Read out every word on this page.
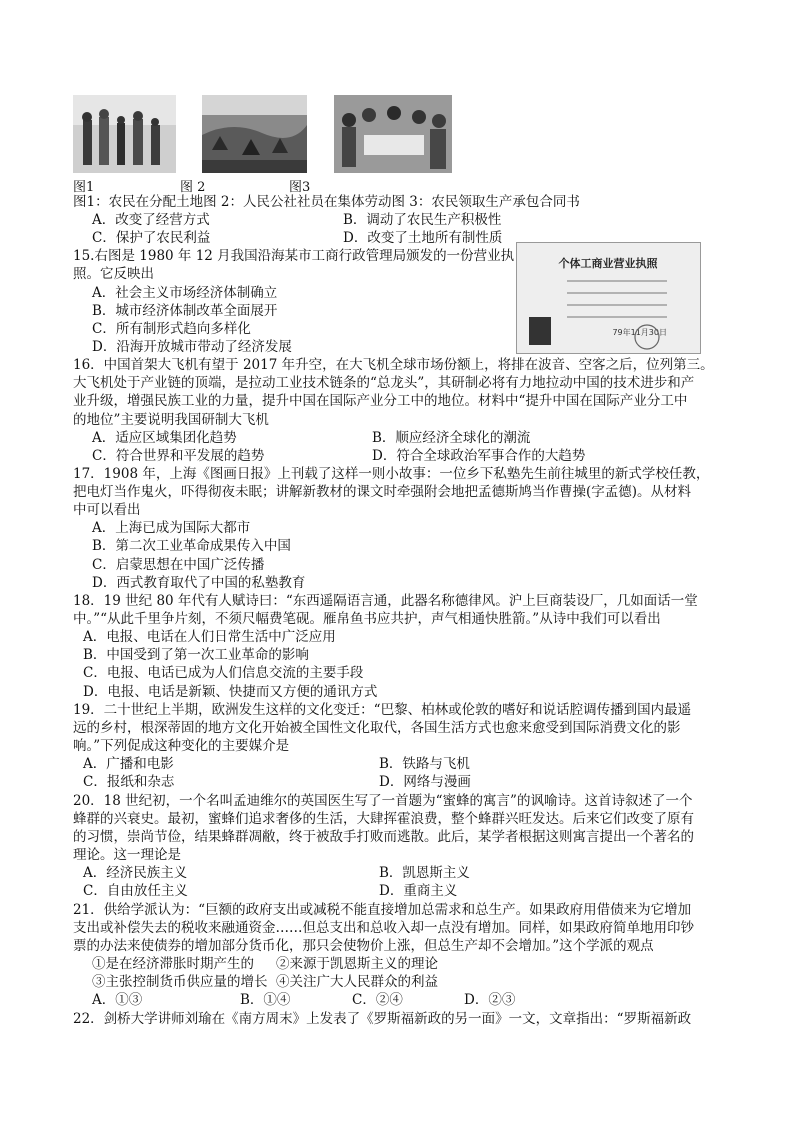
图1	图 2	图3
图1：农民在分配土地图 2：人民公社社员在集体劳动图 3：农民领取生产承包合同书
A．改变了经营方式	B．调动了农民生产积极性
C．保护了农民利益	D．改变了土地所有制性质
15.右图是 1980 年 12 月我国沿海某市工商行政管理局颁发的一份营业执
照。它反映出
A．社会主义市场经济体制确立
B．城市经济体制改革全面展开
C．所有制形式趋向多样化
D．沿海开放城市带动了经济发展
个体工商业营业执照
79年11月30日
16．中国首架大飞机有望于 2017 年升空，在大飞机全球市场份额上，将排在波音、空客之后，位列第三。
大飞机处于产业链的顶端，是拉动工业技术链条的“总龙头”，其研制必将有力地拉动中国的技术进步和产
业升级，增强民族工业的力量，提升中国在国际产业分工中的地位。材料中“提升中国在国际产业分工中
的地位”主要说明我国研制大飞机
A．适应区域集团化趋势	B．顺应经济全球化的潮流
C．符合世界和平发展的趋势	D．符合全球政治军事合作的大趋势
17．1908 年，上海《图画日报》上刊载了这样一则小故事：一位乡下私塾先生前往城里的新式学校任教，
把电灯当作鬼火，吓得彻夜未眠；讲解新教材的课文时牵强附会地把孟德斯鸠当作曹操(字孟德)。从材料
中可以看出
A．上海已成为国际大都市
B．第二次工业革命成果传入中国
C．启蒙思想在中国广泛传播
D．西式教育取代了中国的私塾教育
18．19 世纪 80 年代有人赋诗曰：“东西遥隔语言通，此器名称德律风。沪上巨商装设厂，几如面话一堂
中。”“从此千里争片刻，不须尺幅费笔砚。雁帛鱼书应共护，声气相通快胜箭。”从诗中我们可以看出
A．电报、电话在人们日常生活中广泛应用
B．中国受到了第一次工业革命的影响
C．电报、电话已成为人们信息交流的主要手段
D．电报、电话是新颖、快捷而又方便的通讯方式
19．二十世纪上半期，欧洲发生这样的文化变迁：“巴黎、柏林或伦敦的嗜好和说话腔调传播到国内最遥
远的乡村，根深蒂固的地方文化开始被全国性文化取代，各国生活方式也愈来愈受到国际消费文化的影
响。”下列促成这种变化的主要媒介是
A．广播和电影	B．铁路与飞机
C．报纸和杂志	D．网络与漫画
20．18 世纪初，一个名叫孟迪维尔的英国医生写了一首题为“蜜蜂的寓言”的讽喻诗。这首诗叙述了一个
蜂群的兴衰史。最初，蜜蜂们追求奢侈的生活，大肆挥霍浪费，整个蜂群兴旺发达。后来它们改变了原有
的习惯，崇尚节俭，结果蜂群凋敝，终于被敌手打败而逃散。此后，某学者根据这则寓言提出一个著名的
理论。这一理论是
A．经济民族主义	B．凯恩斯主义
C．自由放任主义	D．重商主义
21．供给学派认为：“巨额的政府支出或减税不能直接增加总需求和总生产。如果政府用借债来为它增加
支出或补偿失去的税收来融通资金……但总支出和总收入却一点没有增加。同样，如果政府简单地用印钞
票的办法来使债券的增加部分货币化，那只会使物价上涨，但总生产却不会增加。”这个学派的观点
①是在经济滞胀时期产生的 ②来源于凯恩斯主义的理论
③主张控制货币供应量的增长 ④关注广大人民群众的利益
A．①③	B．①④	C．②④	D．②③
22．剑桥大学讲师刘瑜在《南方周末》上发表了《罗斯福新政的另一面》一文，文章指出：“罗斯福新政
